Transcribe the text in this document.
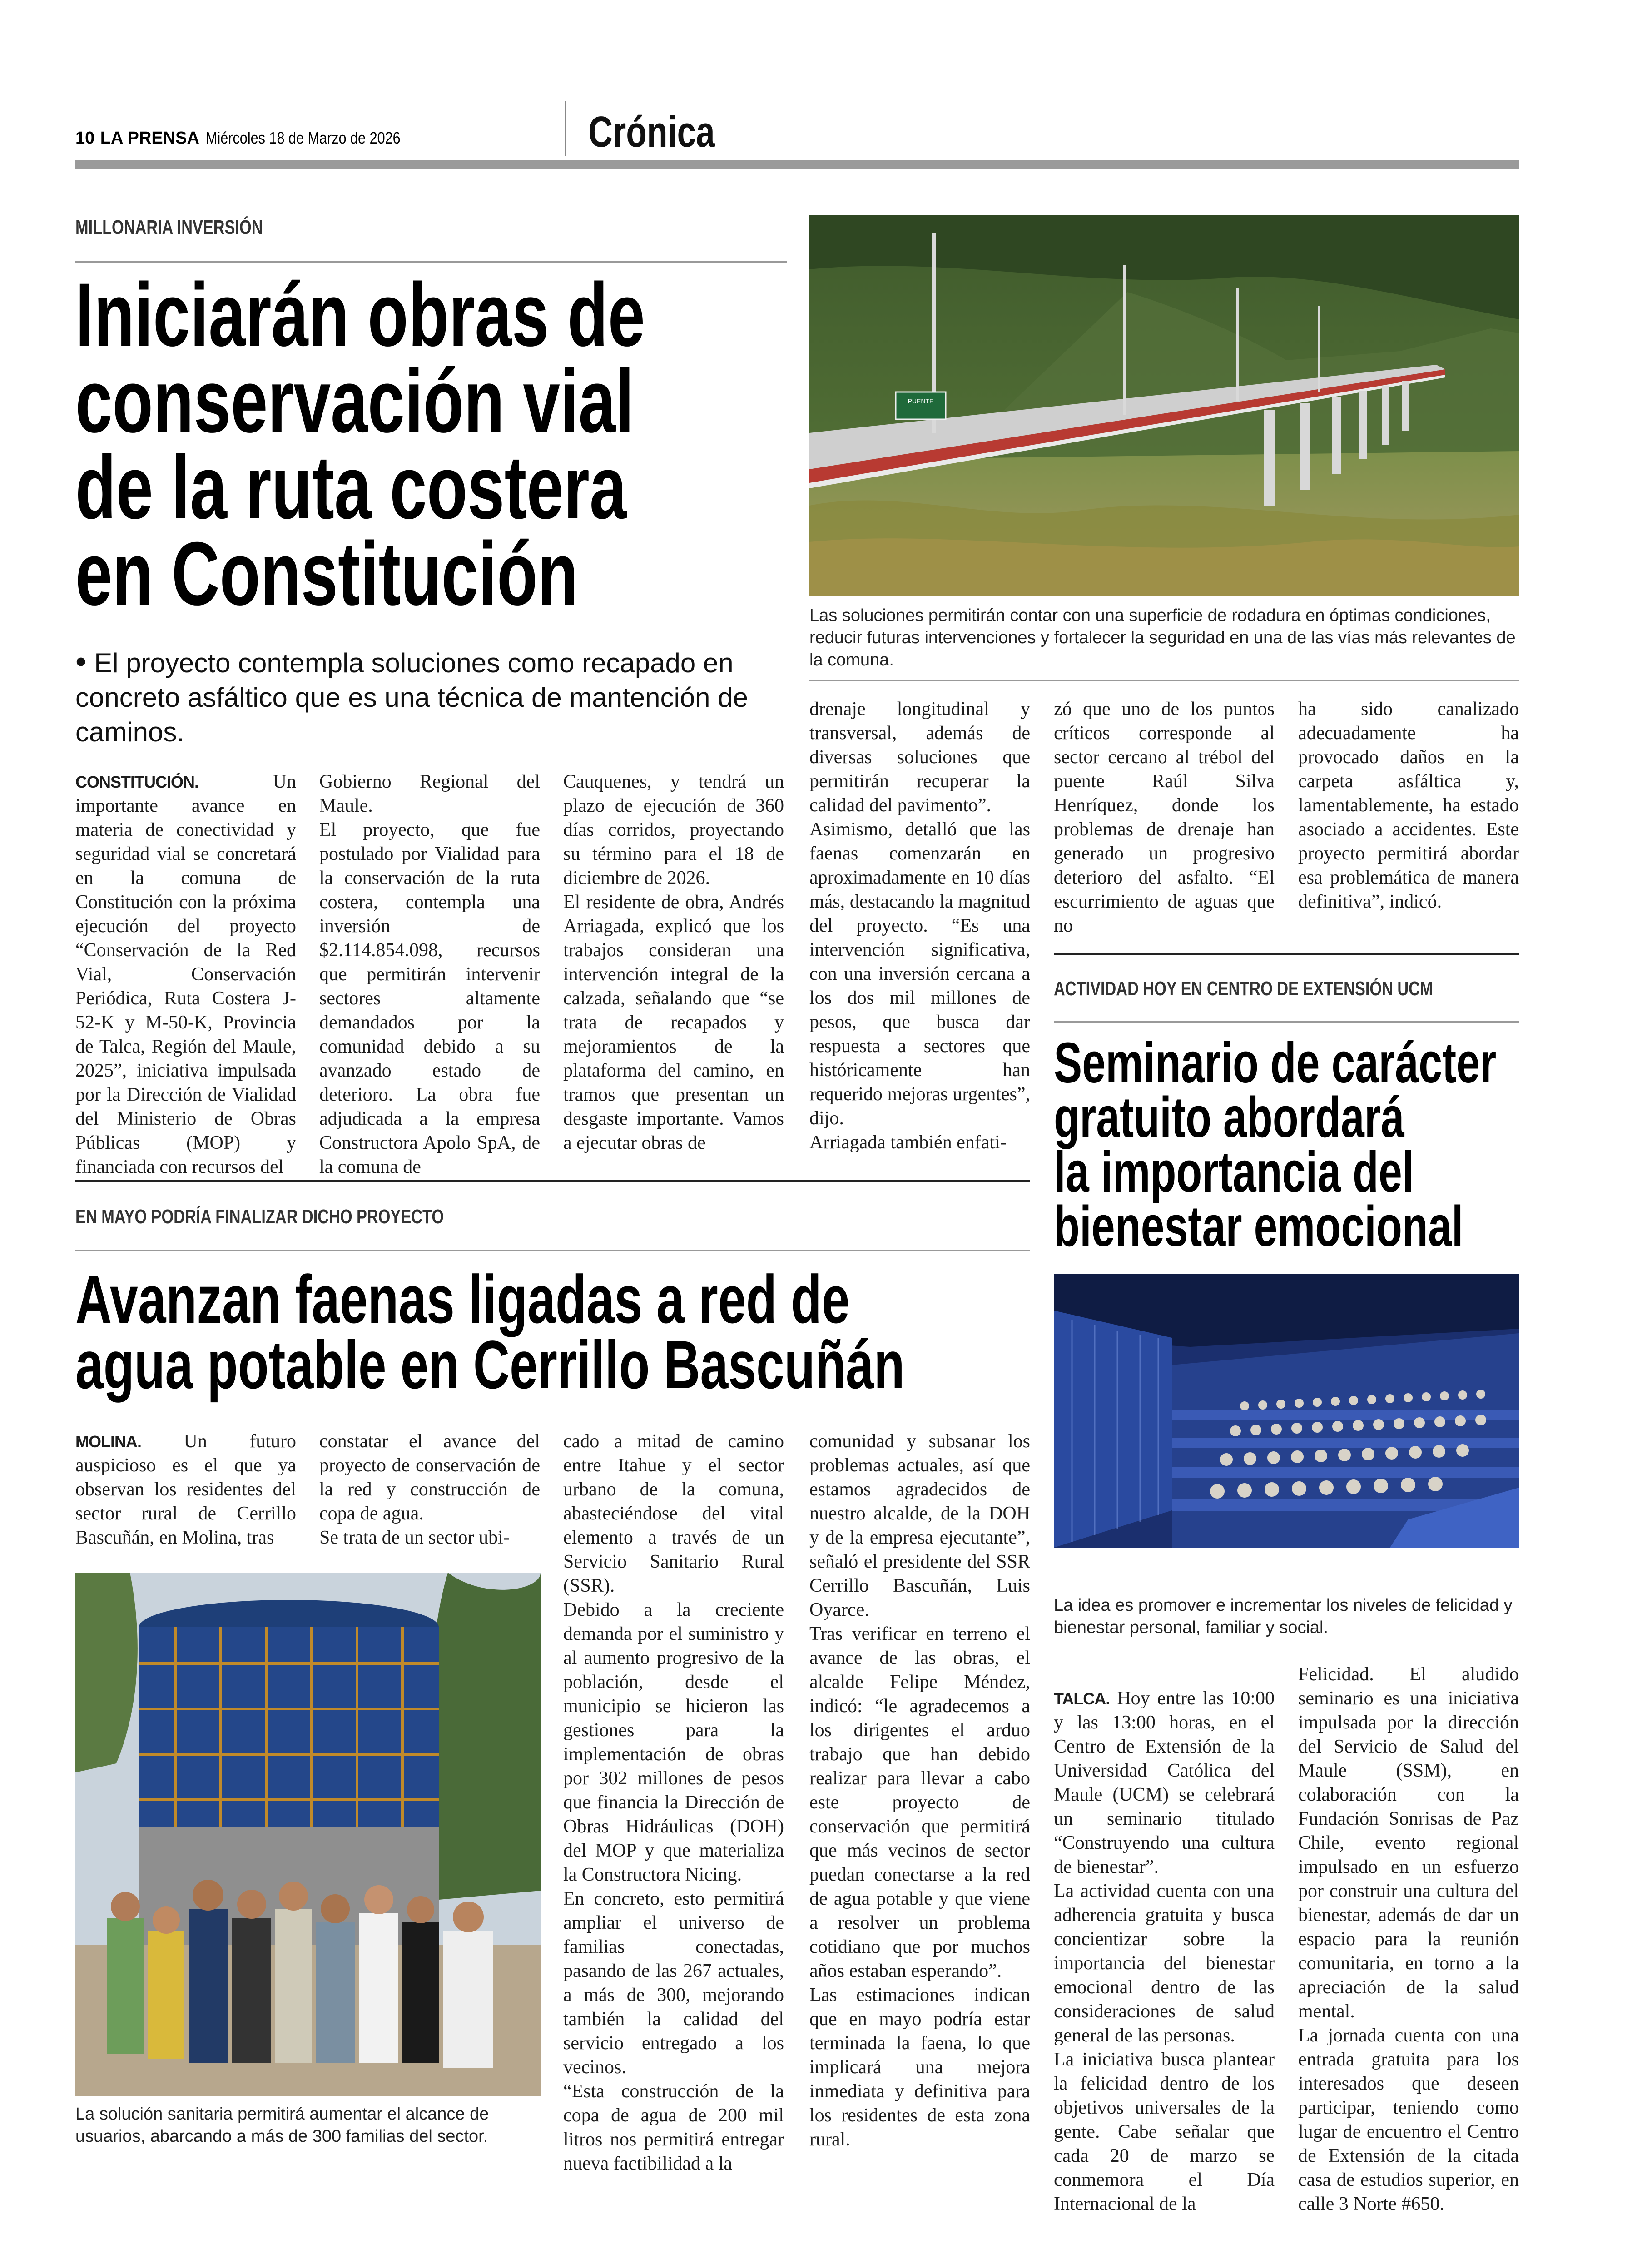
10 LA PRENSA Miércoles 18 de Marzo de 2026	Crónica
MILLONARIA INVERSIÓN
Iniciarán obras de
conservación vial
de la ruta costera
en Constitución
• El proyecto contempla soluciones como recapado en
concreto asfáltico que es una técnica de mantención de
caminos.

CONSTITUCIÓN. Un importante avance en materia de conectividad y seguridad vial se concretará en la comuna de Constitución con la próxima ejecución del proyecto “Conservación de la Red Vial, Conservación Periódica, Ruta Costera J-52-K y M-50-K, Provincia de Talca, Región del Maule, 2025”, iniciativa impulsada por la Dirección de Vialidad del Ministerio de Obras Públicas (MOP) y financiada con recursos del

Gobierno Regional del Maule.
El proyecto, que fue postulado por Vialidad para la conservación de la ruta costera, contempla una inversión de $2.114.854.098, recursos que permitirán intervenir sectores altamente demandados por la comunidad debido a su avanzado estado de deterioro. La obra fue adjudicada a la empresa Constructora Apolo SpA, de la comuna de
Cauquenes, y tendrá un plazo de ejecución de 360 días corridos, proyectando su término para el 18 de diciembre de 2026.
El residente de obra, Andrés Arriagada, explicó que los trabajos consideran una intervención integral de la calzada, señalando que “se trata de recapados y mejoramientos de la plataforma del camino, en tramos que presentan un desgaste importante. Vamos a ejecutar obras de
drenaje longitudinal y transversal, además de diversas soluciones que permitirán recuperar la calidad del pavimento”.
Asimismo, detalló que las faenas comenzarán en aproximadamente en 10 días más, destacando la magnitud del proyecto. “Es una intervención significativa, con una inversión cercana a los dos mil millones de pesos, que busca dar respuesta a sectores que históricamente han requerido mejoras urgentes”, dijo.
Arriagada también enfati-
zó que uno de los puntos críticos corresponde al sector cercano al trébol del puente Raúl Silva Henríquez, donde los problemas de drenaje han generado un progresivo deterioro del asfalto. “El escurrimiento de aguas que no
ha sido canalizado adecuadamente ha provocado daños en la carpeta asfáltica y, lamentablemente, ha estado asociado a accidentes. Este proyecto permitirá abordar esa problemática de manera definitiva”, indicó.
PUENTE
Las soluciones permitirán contar con una superficie de rodadura en óptimas condiciones, reducir futuras intervenciones y fortalecer la seguridad en una de las vías más relevantes de la comuna.
EN MAYO PODRÍA FINALIZAR DICHO PROYECTO
Avanzan faenas ligadas a red de
agua potable en Cerrillo Bascuñán

MOLINA. Un futuro auspicioso es el que ya observan los residentes del sector rural de Cerrillo Bascuñán, en Molina, tras

constatar el avance del proyecto de conservación de la red y construcción de copa de agua.
Se trata de un sector ubi-
cado a mitad de camino entre Itahue y el sector urbano de la comuna, abasteciéndose del vital elemento a través de un Servicio Sanitario Rural (SSR).
Debido a la creciente demanda por el suministro y al aumento progresivo de la población, desde el municipio se hicieron las gestiones para la implementación de obras por 302 millones de pesos que financia la Dirección de Obras Hidráulicas (DOH) del MOP y que materializa la Constructora Nicing.
En concreto, esto permitirá ampliar el universo de familias conectadas, pasando de las 267 actuales, a más de 300, mejorando también la calidad del servicio entregado a los vecinos.
“Esta construcción de la copa de agua de 200 mil litros nos permitirá entregar nueva factibilidad a la
comunidad y subsanar los problemas actuales, así que estamos agradecidos de nuestro alcalde, de la DOH y de la empresa ejecutante”, señaló el presidente del SSR Cerrillo Bascuñán, Luis Oyarce.
Tras verificar en terreno el avance de las obras, el alcalde Felipe Méndez, indicó: “le agradecemos a los dirigentes el arduo trabajo que han debido realizar para llevar a cabo este proyecto de conservación que permitirá que más vecinos de sector puedan conectarse a la red de agua potable y que viene a resolver un problema cotidiano que por muchos años estaban esperando”.
Las estimaciones indican que en mayo podría estar terminada la faena, lo que implicará una mejora inmediata y definitiva para los residentes de esta zona rural.
La solución sanitaria permitirá aumentar el alcance de usuarios, abarcando a más de 300 familias del sector.
ACTIVIDAD HOY EN CENTRO DE EXTENSIÓN UCM
Seminario de carácter
gratuito abordará
la importancia del
bienestar emocional
La idea es promover e incrementar los niveles de felicidad y bienestar personal, familiar y social.

TALCA. Hoy entre las 10:00 y las 13:00 horas, en el Centro de Extensión de la Universidad Católica del Maule (UCM) se celebrará un seminario titulado “Construyendo una cultura de bienestar”.
La actividad cuenta con una adherencia gratuita y busca concientizar sobre la importancia del bienestar emocional dentro de las consideraciones de salud general de las personas.
La iniciativa busca plantear la felicidad dentro de los objetivos universales de la gente. Cabe señalar que cada 20 de marzo se conmemora el Día Internacional de la

Felicidad. El aludido seminario es una iniciativa impulsada por la dirección del Servicio de Salud del Maule (SSM), en colaboración con la Fundación Sonrisas de Paz Chile, evento regional impulsado en un esfuerzo por construir una cultura del bienestar, además de dar un espacio para la reunión comunitaria, en torno a la apreciación de la salud mental.
La jornada cuenta con una entrada gratuita para los interesados que deseen participar, teniendo como lugar de encuentro el Centro de Extensión de la citada casa de estudios superior, en calle 3 Norte #650.
